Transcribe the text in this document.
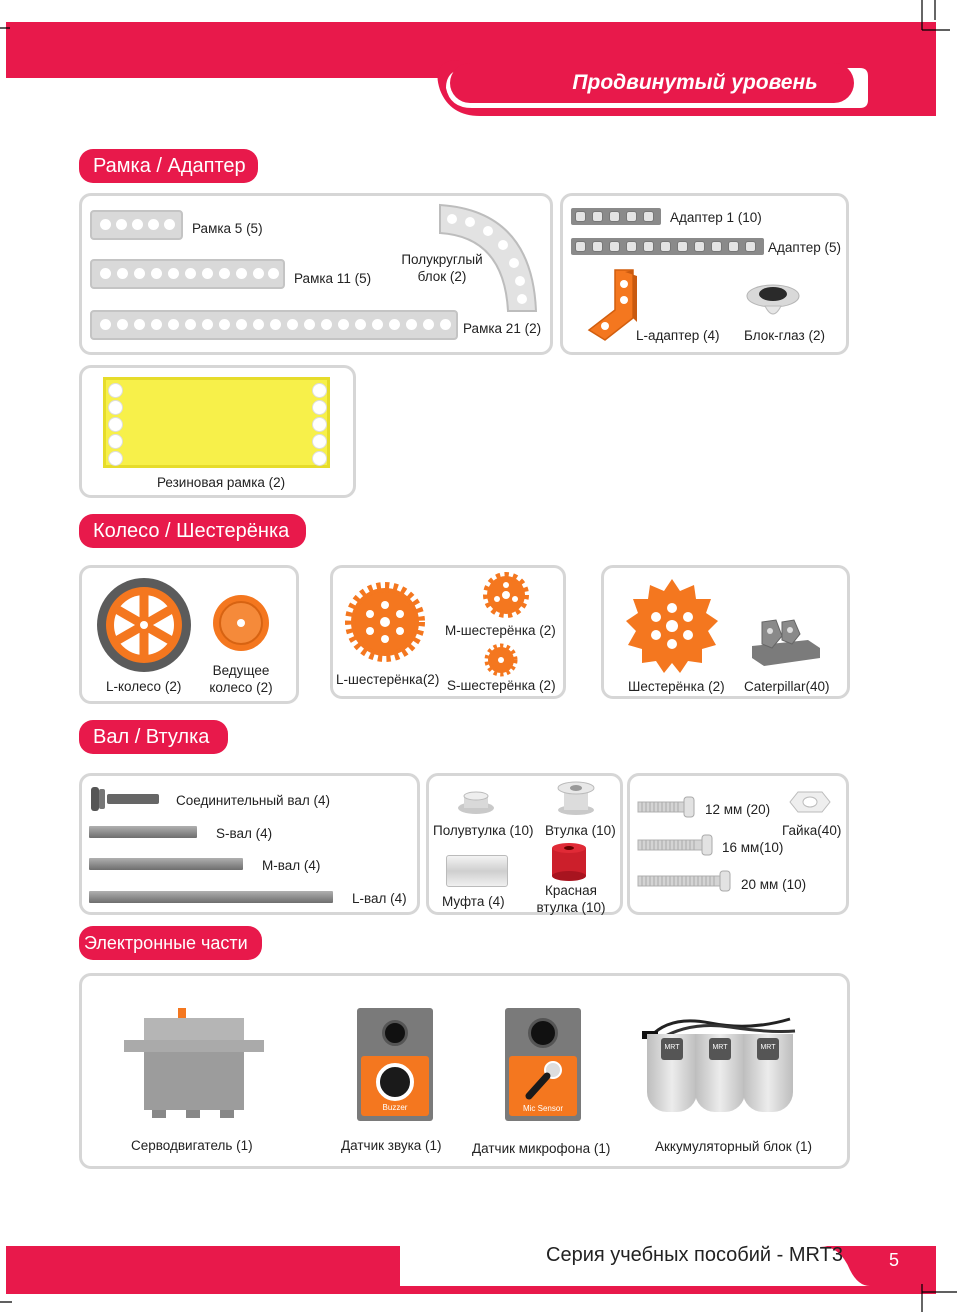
Продвинутый уровень
Рамка / Адаптер
Рамка 5 (5)
Рамка 11 (5)
Рамка 21 (2)
Полукруглый
блок (2)
Адаптер 1 (10)
Адаптер (5)
L-адаптер (4) Блок-глаз (2)
Резиновая рамка (2)
Колесо / Шестерёнка
L-колесо (2)
Ведущее
колесо (2)
L-шестерёнка(2)
М-шестерёнка (2)
S-шестерёнка (2)	Шестерёнка (2) Caterpillar(40)
Вал / Втулка
Соединительный вал (4)
S-вал (4)
М-вал (4)
L-вал (4)
Полувтулка (10) Втулка (10)
Муфта (4)
Красная
втулка (10)
12 мм (20)
Гайка(40)
16 мм(10)
20 мм (10)
Электронные части
Серводвигатель (1)
Buzzer
Датчик звука (1)
Mic Sensor
Датчик микрофона (1)
MRT	MRT	MRT
Аккумуляторный блок (1)
Серия учебных пособий - MRT3	5
